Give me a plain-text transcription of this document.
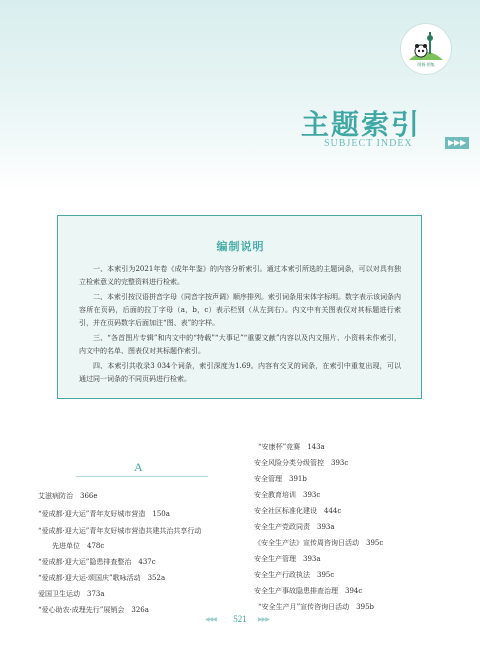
图载·图集
主题索引
SUBJECT INDEX	▶ ▶ ▶
编制说明
一、本索引为2021年卷《成年年鉴》的内容分析索引。通过本索引所选的主题词条，可以对具有独立检索意义的完整资料进行检索。
二、本索引按汉语拼音字母（同音字按声调）顺序排列。索引词条用宋体字标明。数字表示该词条内容所在页码，后面的拉丁字母（a，b，c）表示栏别（从左到右）。内文中有关图表仅对其标题进行索引，并在页码数字后面加注“图、表”的字样。
三、“各首图片专辑”和内文中的“特载”“大事记”“重要文献”内容以及内文照片、小资料未作索引，内文中的名单、图表仅对其标题作索引。
四、本索引共收录3 034个词条，索引深度为1.69。内容有交叉的词条，在索引中重复出现，可以通过同一词条的不同页码进行检索。
A
艾滋病防治　366e
“爱成都·迎大运”青年友好城市营造　150a
“爱成都·迎大运”青年友好城市营造共建共治共享行动
先进单位　478c
“爱成都·迎大运”隐患排查整治　437c
“爱成都·迎大运·颂国庆”歌咏活动　352a
爱国卫生运动　373a
“爱心助农·成理先行”展销会　326a
“安康杯”竞赛　143a
安全风险分类分级管控　393c
安全管理　391b
安全教育培训　393c
安全社区标准化建设　444c
安全生产党政同责　393a
《安全生产法》宣传周咨询日活动　395c
安全生产管理　393a
安全生产行政执法　395c
安全生产事故隐患排查治理　394c
“安全生产月”宣传咨询日活动　395b
◀◀◀	521	▶▶▶
